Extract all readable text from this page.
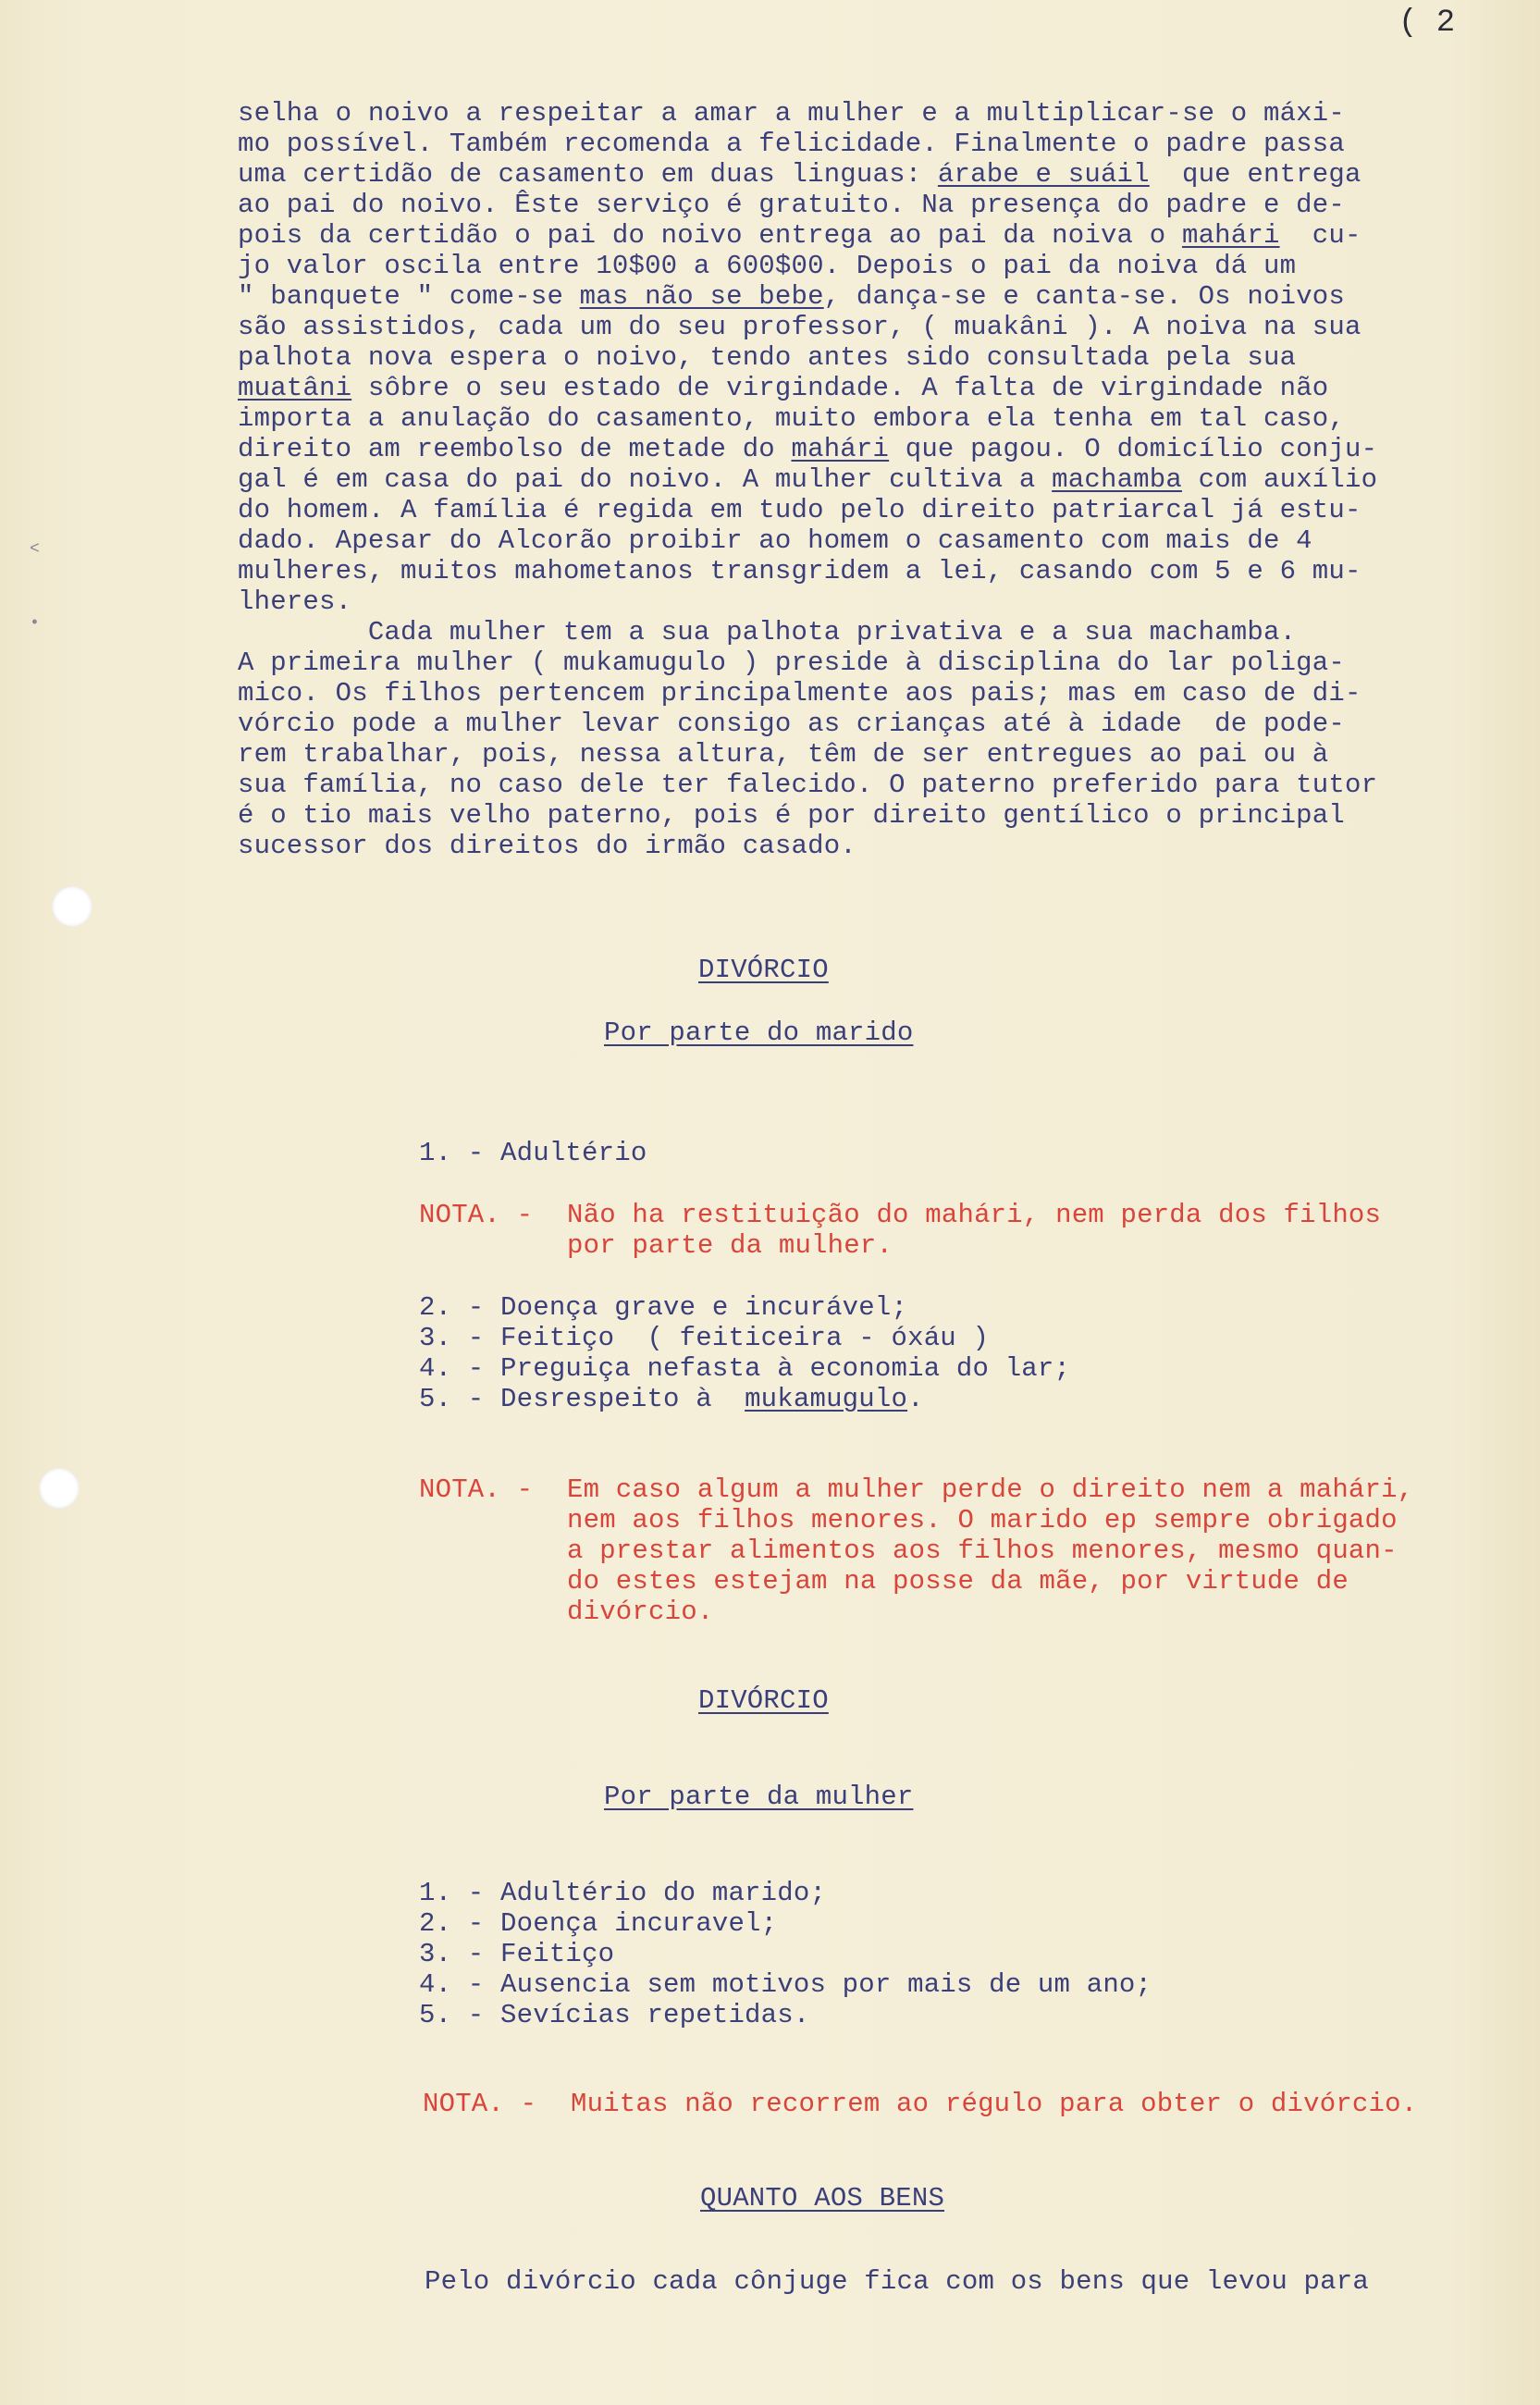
<
•
( 2
selha o noivo a respeitar a amar a mulher e a multiplicar-se o máxi-
mo possível. Também recomenda a felicidade. Finalmente o padre passa
uma certidão de casamento em duas linguas: árabe e suáil  que entrega
ao pai do noivo. Êste serviço é gratuito. Na presença do padre e de-
pois da certidão o pai do noivo entrega ao pai da noiva o mahári  cu-
jo valor oscila entre 10$00 a 600$00. Depois o pai da noiva dá um
" banquete " come-se mas não se bebe, dança-se e canta-se. Os noivos
são assistidos, cada um do seu professor, ( muakâni ). A noiva na sua
palhota nova espera o noivo, tendo antes sido consultada pela sua
muatâni sôbre o seu estado de virgindade. A falta de virgindade não
importa a anulação do casamento, muito embora ela tenha em tal caso,
direito am reembolso de metade do mahári que pagou. O domicílio conju-
gal é em casa do pai do noivo. A mulher cultiva a machamba com auxílio
do homem. A família é regida em tudo pelo direito patriarcal já estu-
dado. Apesar do Alcorão proibir ao homem o casamento com mais de 4
mulheres, muitos mahometanos transgridem a lei, casando com 5 e 6 mu-
lheres.
Cada mulher tem a sua palhota privativa e a sua machamba.
A primeira mulher ( mukamugulo ) preside à disciplina do lar poliga-
mico. Os filhos pertencem principalmente aos pais; mas em caso de di-
vórcio pode a mulher levar consigo as crianças até à idade  de pode-
rem trabalhar, pois, nessa altura, têm de ser entregues ao pai ou à
sua família, no caso dele ter falecido. O paterno preferido para tutor
é o tio mais velho paterno, pois é por direito gentílico o principal
sucessor dos direitos do irmão casado.
DIVÓRCIO
Por parte do marido
1. - Adultério
NOTA. - Não ha restituição do mahári, nem perda dos filhos
por parte da mulher.
2. - Doença grave e incurável;
3. - Feitiço  ( feiticeira - óxáu )
4. - Preguiça nefasta à economia do lar;
5. - Desrespeito à  mukamugulo.
NOTA. - Em caso algum a mulher perde o direito nem a mahári,
nem aos filhos menores. O marido ep sempre obrigado
a prestar alimentos aos filhos menores, mesmo quan-
do estes estejam na posse da mãe, por virtude de
divórcio.
DIVÓRCIO
Por parte da mulher
1. - Adultério do marido;
2. - Doença incuravel;
3. - Feitiço
4. - Ausencia sem motivos por mais de um ano;
5. - Sevícias repetidas.
NOTA. - Muitas não recorrem ao régulo para obter o divórcio.
QUANTO AOS BENS
Pelo divórcio cada cônjuge fica com os bens que levou para
